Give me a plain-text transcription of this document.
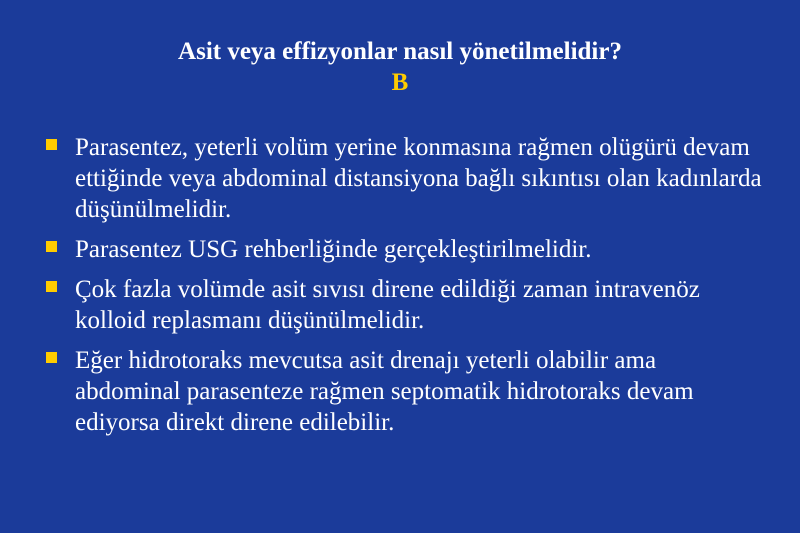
Asit veya effizyonlar nasıl yönetilmelidir?
B
Parasentez, yeterli volüm yerine konmasına rağmen olügürü devam ettiğinde veya abdominal distansiyona bağlı sıkıntısı olan kadınlarda düşünülmelidir.
Parasentez USG rehberliğinde gerçekleştirilmelidir.
Çok fazla volümde asit sıvısı direne edildiği zaman intravenöz kolloid replasmanı düşünülmelidir.
Eğer hidrotoraks mevcutsa asit drenajı yeterli olabilir ama abdominal parasenteze rağmen septomatik hidrotoraks devam ediyorsa direkt direne edilebilir.
